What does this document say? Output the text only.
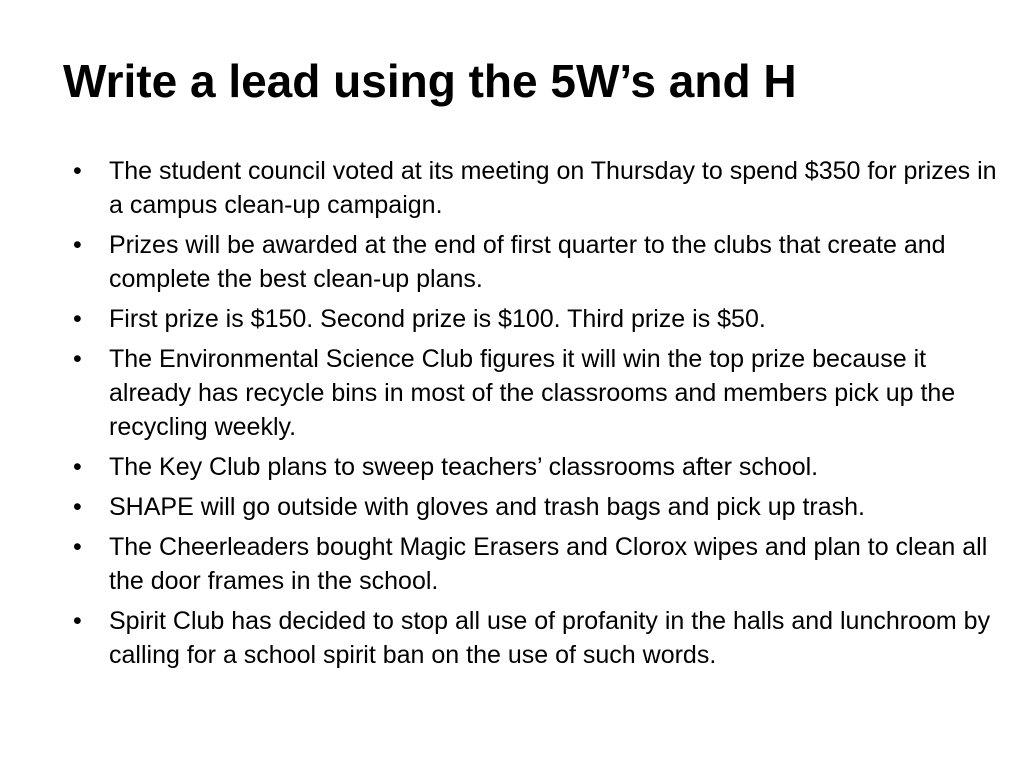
Write a lead using the 5W’s and H
• The student council voted at its meeting on Thursday to spend $350 for prizes in a campus clean-up campaign.
• Prizes will be awarded at the end of first quarter to the clubs that create and complete the best clean-up plans.
• First prize is $150. Second prize is $100. Third prize is $50.
• The Environmental Science Club figures it will win the top prize because it already has recycle bins in most of the classrooms and members pick up the recycling weekly.
• The Key Club plans to sweep teachers’ classrooms after school.
• SHAPE will go outside with gloves and trash bags and pick up trash.
• The Cheerleaders bought Magic Erasers and Clorox wipes and plan to clean all the door frames in the school.
• Spirit Club has decided to stop all use of profanity in the halls and lunchroom by calling for a school spirit ban on the use of such words.
